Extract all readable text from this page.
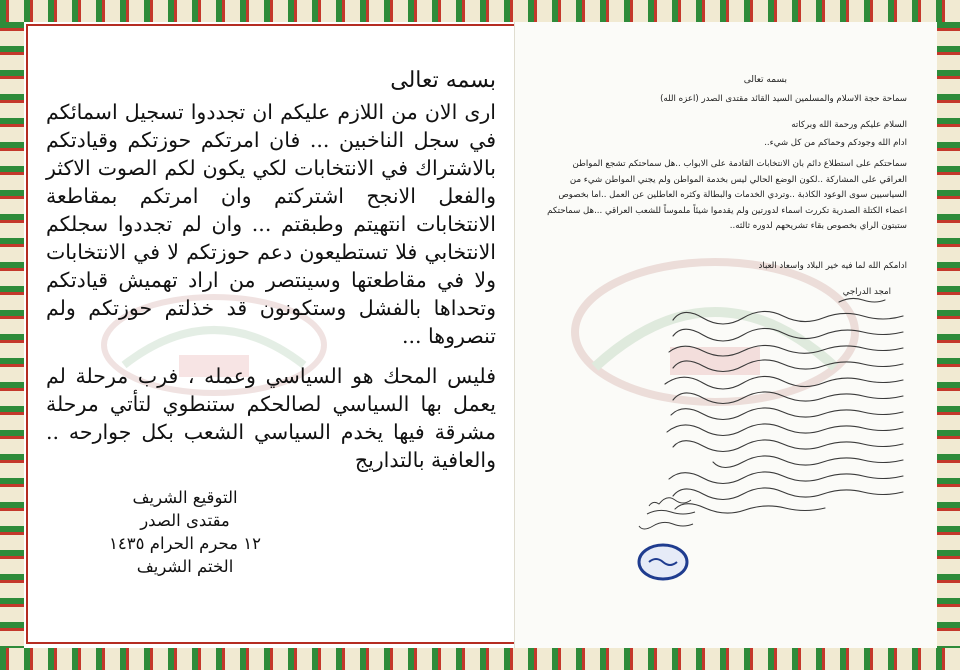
بسمه تعالى

ارى الان من اللازم عليكم ان تجددوا تسجيل اسمائكم في سجل الناخبين ... فان امرتكم حوزتكم وقيادتكم بالاشتراك في الانتخابات لكي يكون لكم الصوت الاكثر والفعل الانجح اشتركتم وان امرتكم بمقاطعة الانتخابات انتهيتم وطبقتم ... وان لم تجددوا سجلكم الانتخابي فلا تستطيعون دعم حوزتكم لا في الانتخابات ولا في مقاطعتها وسينتصر من اراد تهميش قيادتكم وتحداها بالفشل وستكونون قد خذلتم حوزتكم ولم تنصروها ...

فليس المحك هو السياسي وعمله ، فرب مرحلة لم يعمل بها السياسي لصالحكم ستنطوي لتأتي مرحلة مشرقة فيها يخدم السياسي الشعب بكل جوارحه .. والعافية بالتداريج

التوقيع الشريف
مقتدى الصدر
١٢ محرم الحرام ١٤٣٥
الختم الشريف

بسمه تعالى

سماحة حجة الاسلام والمسلمين السيد القائد مقتدى الصدر (اعزه الله)

السلام عليكم ورحمة الله وبركاته

ادام الله وجودكم وحماكم من كل شيء..

سماحتكم على استطلاع دائم بان الانتخابات القادمة على الابواب ..هل سماحتكم تشجع المواطن العراقي على المشاركة ..لكون الوضع الحالي ليس بخدمة المواطن ولم يجني المواطن شيء من السياسيين سوى الوعود الكاذبة ..وتردي الخدمات والبطالة وكثره العاطلين عن العمل ..اما بخصوص اعضاء الكتلة الصدرية تكررت اسماء لدورتين ولم يقدموا شيئاً ملموساً للشعب العراقي ...هل سماحتكم ستبتون الراي بخصوص بقاء تشريحهم لدوره ثالثه..

ادامكم الله لما فيه خير البلاد واسعاد العباد

امجد الدراجي
